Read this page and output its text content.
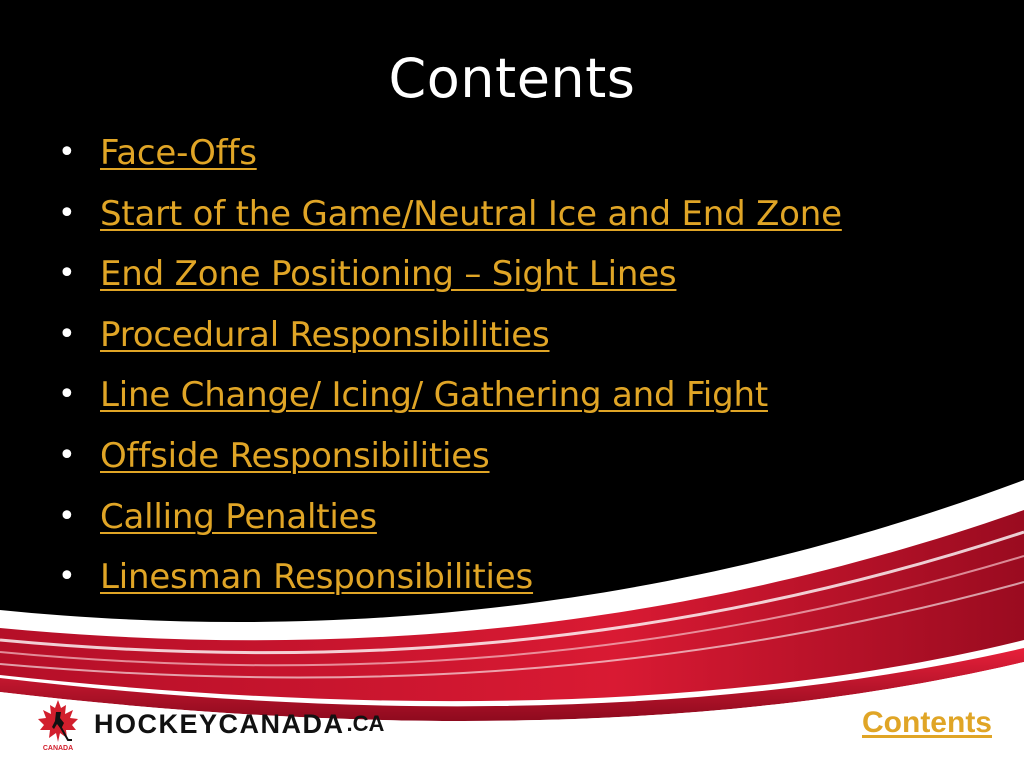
Contents
• Face-Offs
• Start of the Game/Neutral Ice and End Zone
• End Zone Positioning – Sight Lines
• Procedural Responsibilities
• Line Change/ Icing/ Gathering and Fight
• Offside Responsibilities
• Calling Penalties
• Linesman Responsibilities
CANADA
HOCKEYCANADA .CA	Contents
